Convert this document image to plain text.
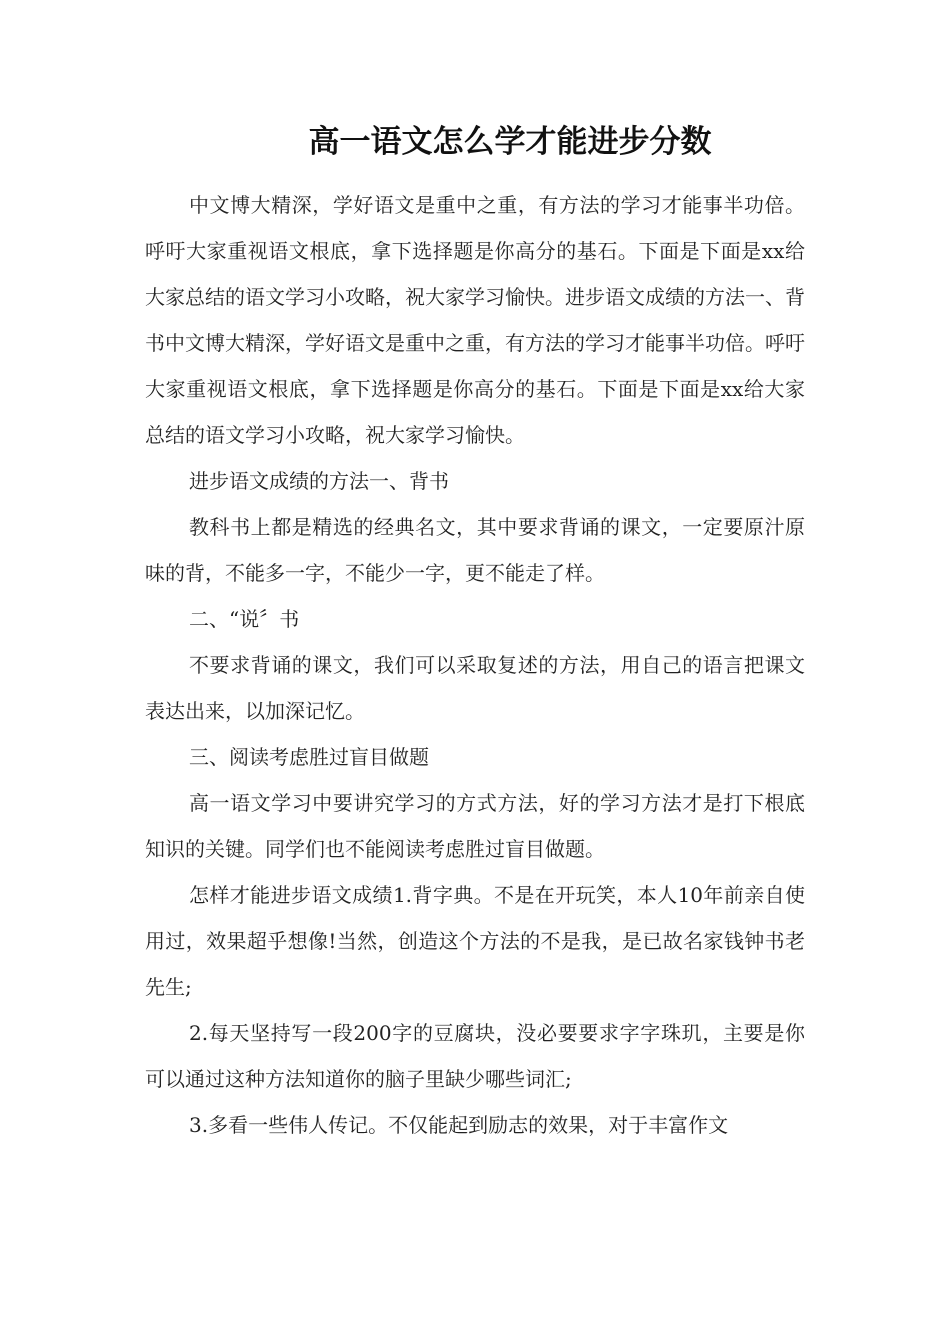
高一语文怎么学才能进步分数

中文博大精深，学好语文是重中之重，有方法的学习才能事半功倍。呼吁大家重视语文根底，拿下选择题是你高分的基石。下面是下面是xx给大家总结的语文学习小攻略，祝大家学习愉快。进步语文成绩的方法一、背书中文博大精深，学好语文是重中之重，有方法的学习才能事半功倍。呼吁大家重视语文根底，拿下选择题是你高分的基石。下面是下面是xx给大家总结的语文学习小攻略，祝大家学习愉快。

进步语文成绩的方法一、背书

教科书上都是精选的经典名文，其中要求背诵的课文，一定要原汁原味的背，不能多一字，不能少一字，更不能走了样。

二、“说〞书

不要求背诵的课文，我们可以采取复述的方法，用自己的语言把课文表达出来，以加深记忆。

三、阅读考虑胜过盲目做题

高一语文学习中要讲究学习的方式方法，好的学习方法才是打下根底知识的关键。同学们也不能阅读考虑胜过盲目做题。

怎样才能进步语文成绩1.背字典。不是在开玩笑，本人10年前亲自使用过，效果超乎想像!当然，创造这个方法的不是我，是已故名家钱钟书老先生;

2.每天坚持写一段200字的豆腐块，没必要要求字字珠玑，主要是你可以通过这种方法知道你的脑子里缺少哪些词汇;

3.多看一些伟人传记。不仅能起到励志的效果，对于丰富作文
